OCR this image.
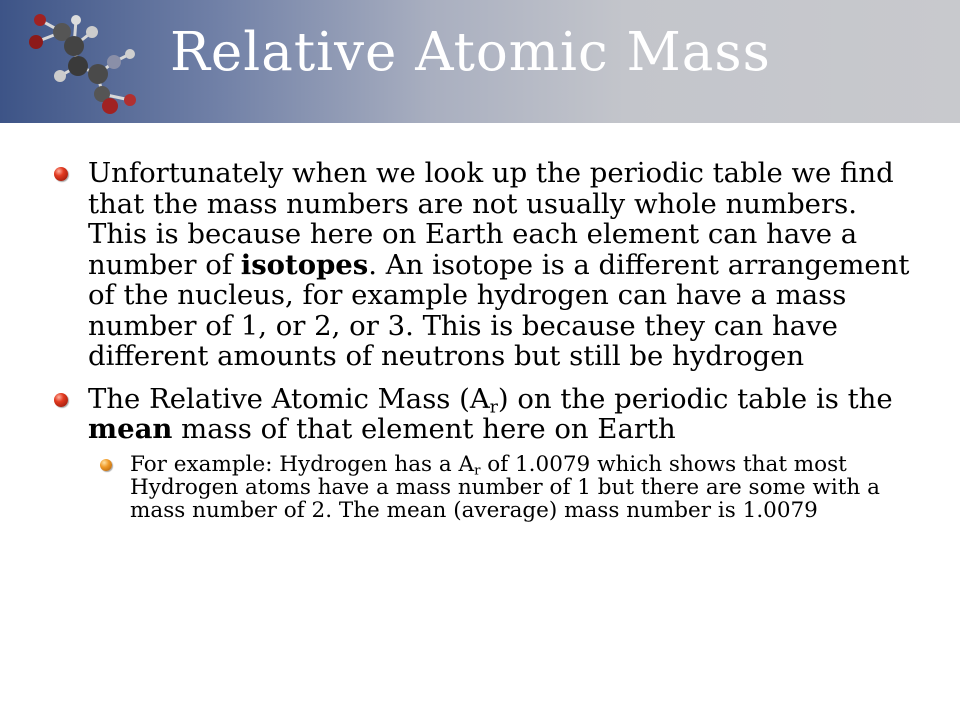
Relative Atomic Mass
Unfortunately when we look up the periodic table we find that the mass numbers are not usually whole numbers. This is because here on Earth each element can have a number of isotopes. An isotope is a different arrangement of the nucleus, for example hydrogen can have a mass number of 1, or 2, or 3. This is because they can have different amounts of neutrons but still be hydrogen
The Relative Atomic Mass $(A_r)$ on the periodic table is the mean mass of that element here on Earth
For example: Hydrogen has a $A_r$ of 1.0079 which shows that most Hydrogen atoms have a mass number of 1 but there are some with a mass number of 2. The mean (average) mass number is 1.0079
